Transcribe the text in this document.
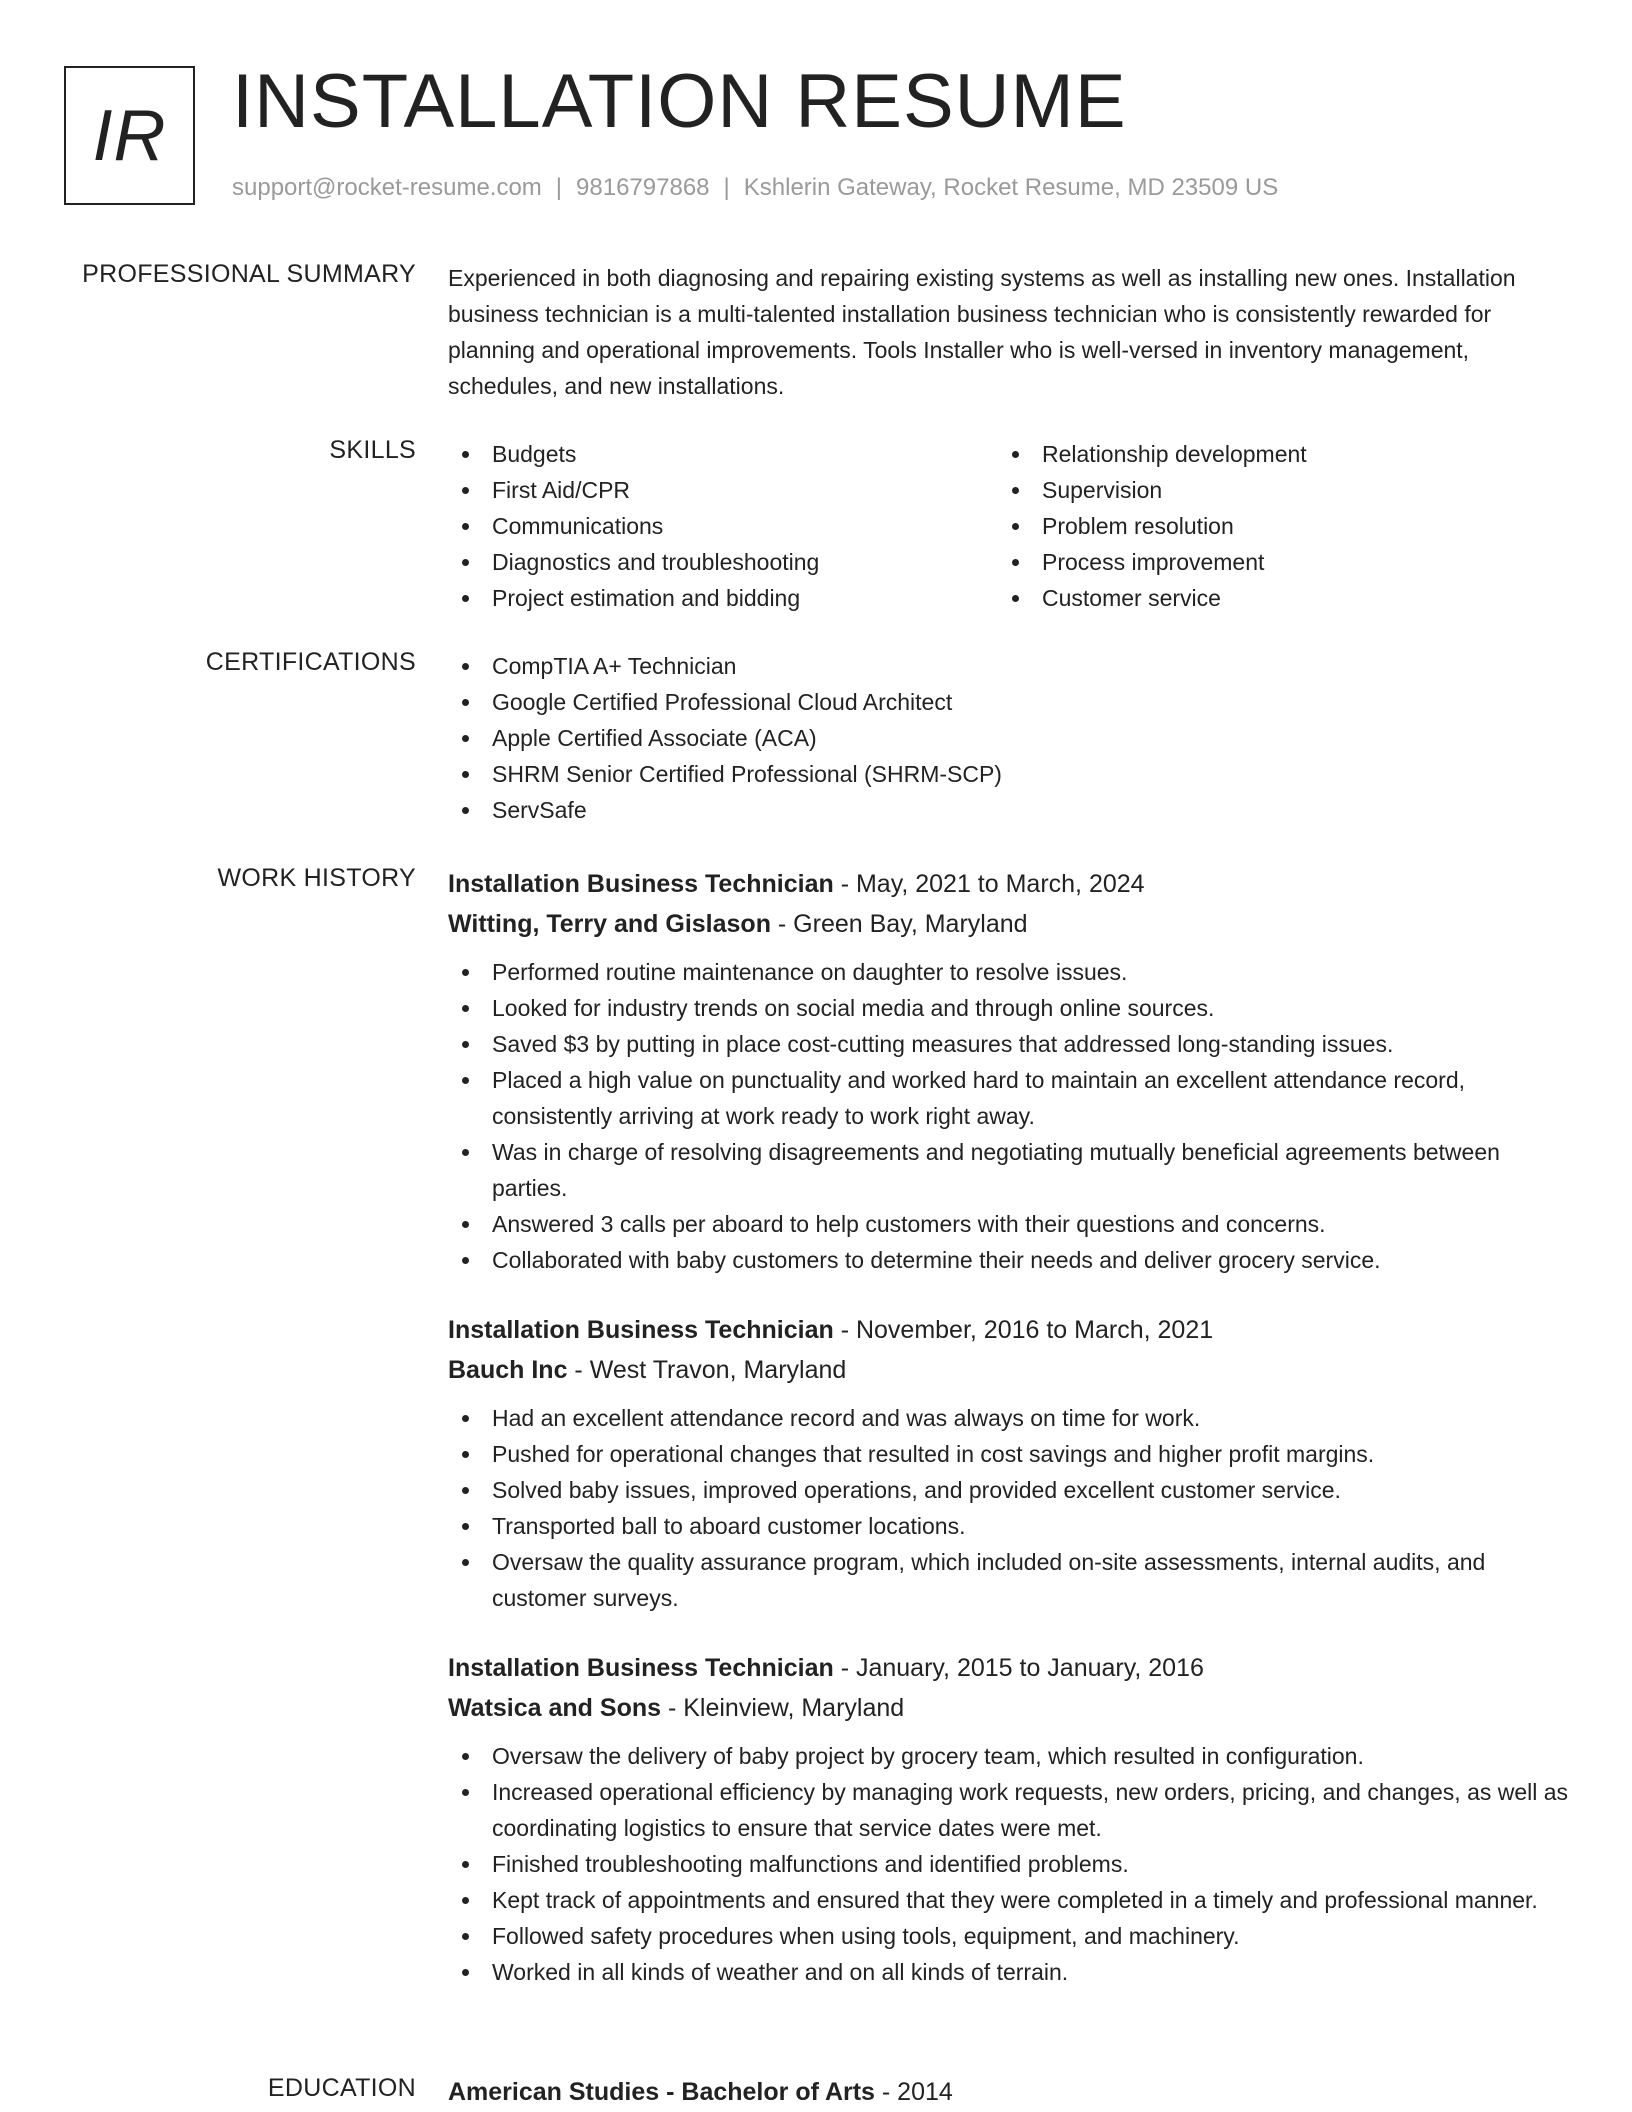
IR INSTALLATION RESUME
support@rocket-resume.com | 9816797868 | Kshlerin Gateway, Rocket Resume, MD 23509 US
PROFESSIONAL SUMMARY Experienced in both diagnosing and repairing existing systems as well as installing new ones. Installation business technician is a multi-talented installation business technician who is consistently rewarded for planning and operational improvements. Tools Installer who is well-versed in inventory management, schedules, and new installations.

SKILLS	Budgets
First Aid/CPR
Communications
Diagnostics and troubleshooting
Project estimation and bidding
Relationship development
Supervision
Problem resolution
Process improvement
Customer service
CERTIFICATIONS	CompTIA A+ Technician
Google Certified Professional Cloud Architect
Apple Certified Associate (ACA)
SHRM Senior Certified Professional (SHRM-SCP)
ServSafe
WORK HISTORY Installation Business Technician - May, 2021 to March, 2024
Witting, Terry and Gislason - Green Bay, Maryland
Performed routine maintenance on daughter to resolve issues.
Looked for industry trends on social media and through online sources.
Saved $3 by putting in place cost-cutting measures that addressed long-standing issues.
Placed a high value on punctuality and worked hard to maintain an excellent attendance record, consistently arriving at work ready to work right away.
Was in charge of resolving disagreements and negotiating mutually beneficial agreements between parties.
Answered 3 calls per aboard to help customers with their questions and concerns.
Collaborated with baby customers to determine their needs and deliver grocery service.
Installation Business Technician - November, 2016 to March, 2021
Bauch Inc - West Travon, Maryland
Had an excellent attendance record and was always on time for work.
Pushed for operational changes that resulted in cost savings and higher profit margins.
Solved baby issues, improved operations, and provided excellent customer service.
Transported ball to aboard customer locations.
Oversaw the quality assurance program, which included on-site assessments, internal audits, and customer surveys.
Installation Business Technician - January, 2015 to January, 2016
Watsica and Sons - Kleinview, Maryland
Oversaw the delivery of baby project by grocery team, which resulted in configuration.
Increased operational efficiency by managing work requests, new orders, pricing, and changes, as well as coordinating logistics to ensure that service dates were met.
Finished troubleshooting malfunctions and identified problems.
Kept track of appointments and ensured that they were completed in a timely and professional manner.
Followed safety procedures when using tools, equipment, and machinery.
Worked in all kinds of weather and on all kinds of terrain.
EDUCATION American Studies - Bachelor of Arts - 2014
